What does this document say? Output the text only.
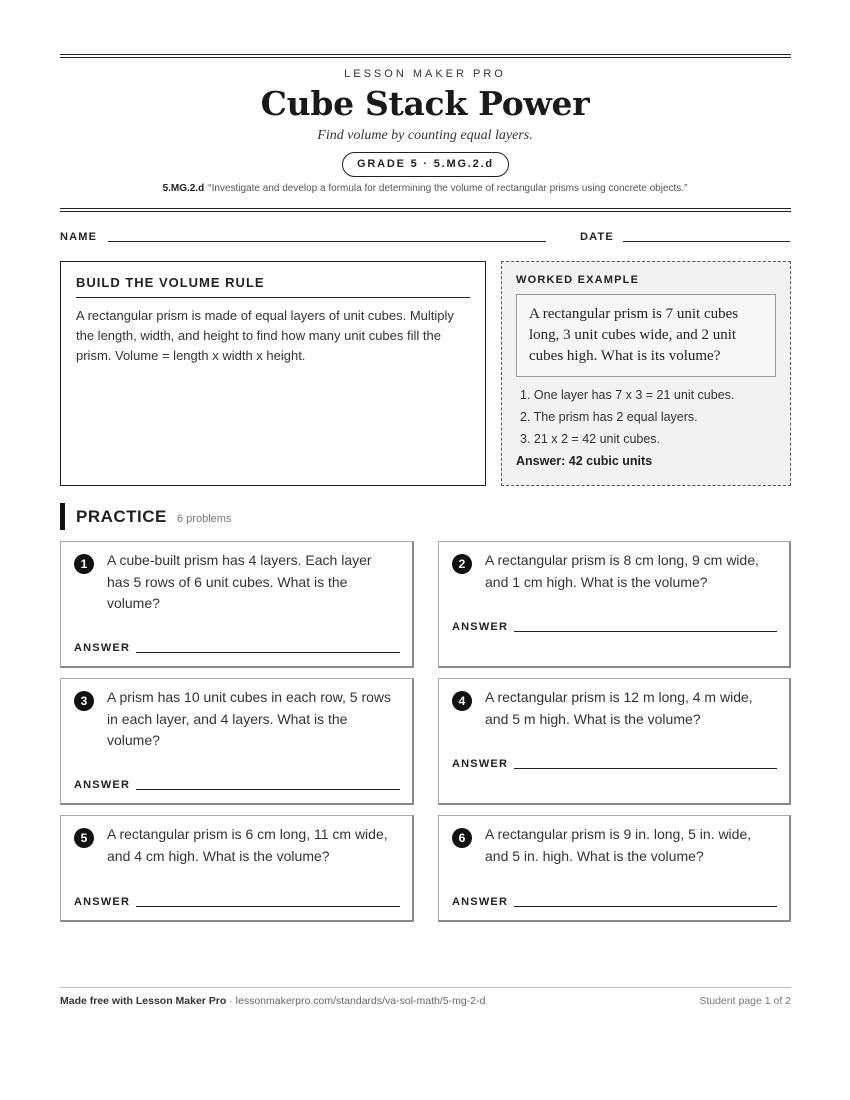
LESSON MAKER PRO
Cube Stack Power
Find volume by counting equal layers.
GRADE 5 · 5.MG.2.d
5.MG.2.d “Investigate and develop a formula for determining the volume of rectangular prisms using concrete objects.”
NAME	DATE
BUILD THE VOLUME RULE

A rectangular prism is made of equal layers of unit cubes. Multiply the length, width, and height to find how many unit cubes fill the prism. Volume = length x width x height.

WORKED EXAMPLE
A rectangular prism is 7 unit cubes long, 3 unit cubes wide, and 2 unit cubes high. What is its volume?
1. One layer has 7 x 3 = 21 unit cubes.
2. The prism has 2 equal layers.
3. 21 x 2 = 42 unit cubes.
Answer: 42 cubic units
PRACTICE 6 problems
1	A cube-built prism has 4 layers. Each layer has 5 rows of 6 unit cubes. What is the volume?
ANSWER
2	A rectangular prism is 8 cm long, 9 cm wide, and 1 cm high. What is the volume?
ANSWER
3	A prism has 10 unit cubes in each row, 5 rows in each layer, and 4 layers. What is the volume?
ANSWER
4	A rectangular prism is 12 m long, 4 m wide, and 5 m high. What is the volume?
ANSWER
5	A rectangular prism is 6 cm long, 11 cm wide, and 4 cm high. What is the volume?
ANSWER
6	A rectangular prism is 9 in. long, 5 in. wide, and 5 in. high. What is the volume?
ANSWER
Made free with Lesson Maker Pro · lessonmakerpro.com/standards/va-sol-math/5-mg-2-d	Student page 1 of 2
